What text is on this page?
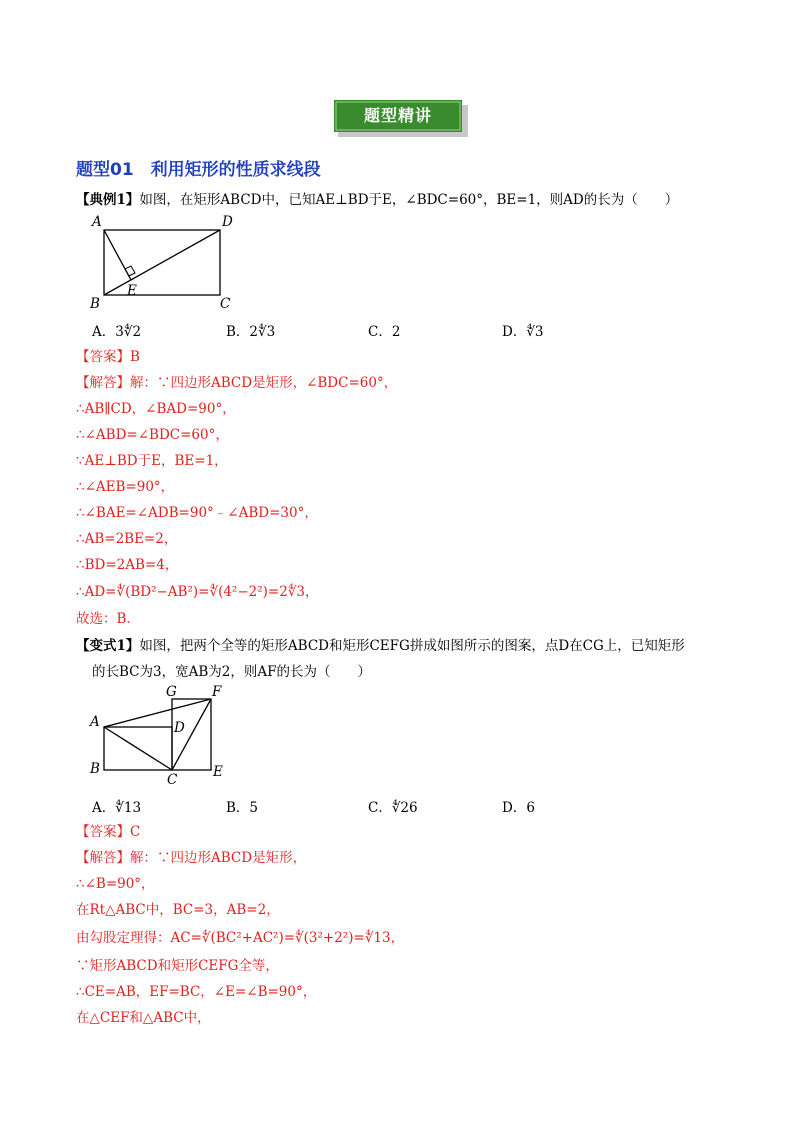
题型精讲
题型01　利用矩形的性质求线段
【典例1】如图，在矩形ABCD中，已知AE⊥BD于E，∠BDC=60°，BE=1，则AD的长为（　　）
A	D
B	C
E
A．3∜2	B．2∜3	C．2	D．∜3
【答案】B
【解答】解：∵四边形ABCD是矩形，∠BDC=60°，
∴AB∥CD，∠BAD=90°，
∴∠ABD=∠BDC=60°，
∵AE⊥BD于E，BE=1，
∴∠AEB=90°，
∴∠BAE=∠ADB=90°﹣∠ABD=30°，
∴AB=2BE=2，
∴BD=2AB=4，
∴AD=∜(BD²−AB²)=∜(4²−2²)=2∜3，
故选：B．
【变式1】如图，把两个全等的矩形ABCD和矩形CEFG拼成如图所示的图案，点D在CG上，已知矩形
的长BC为3，宽AB为2，则AF的长为（　　）
G	F
A	D
B
C	E
A．∜13	B．5	C．∜26	D．6
【答案】C
【解答】解：∵四边形ABCD是矩形，
∴∠B=90°，
在Rt△ABC中，BC=3，AB=2，
由勾股定理得：AC=∜(BC²+AC²)=∜(3²+2²)=∜13，
∵矩形ABCD和矩形CEFG全等，
∴CE=AB，EF=BC，∠E=∠B=90°，
在△CEF和△ABC中，
